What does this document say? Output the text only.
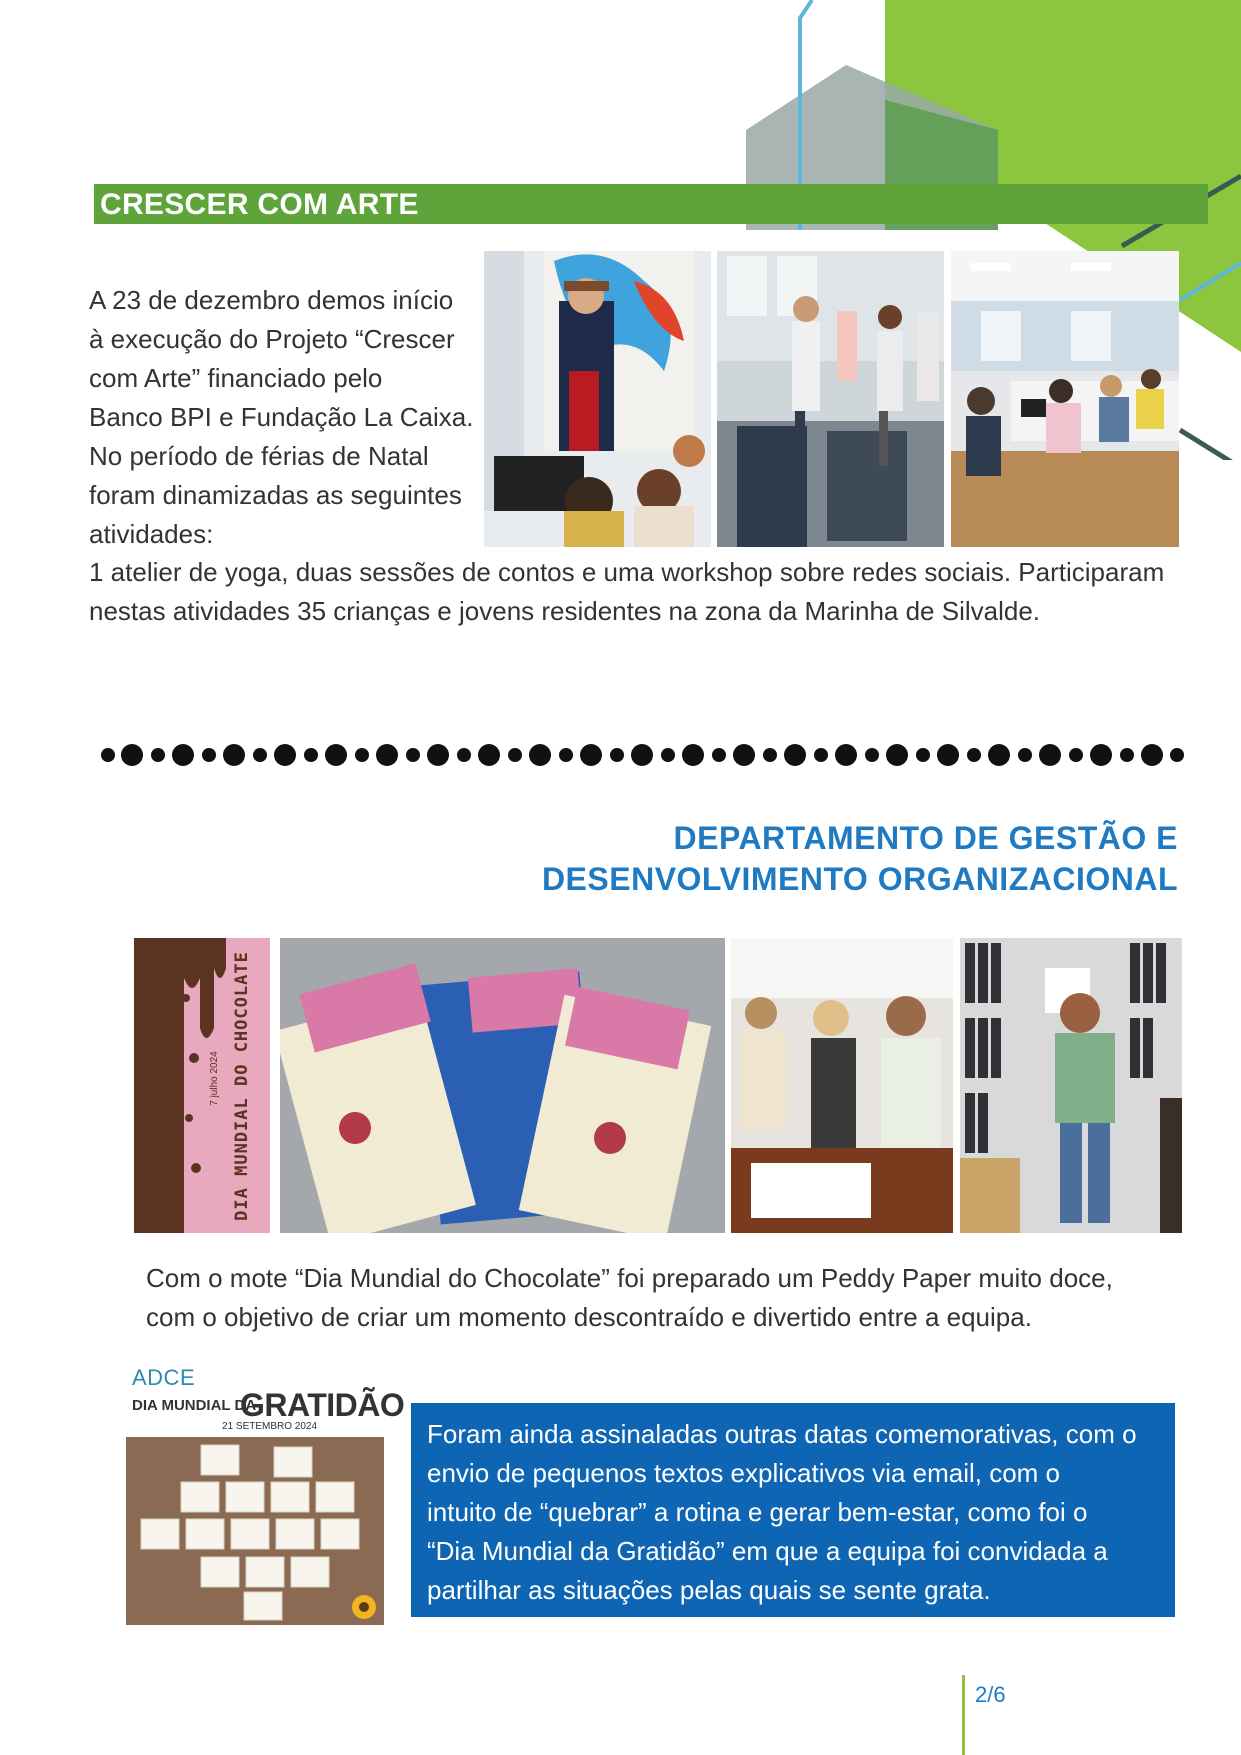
CRESCER COM ARTE
A 23 de dezembro demos início
à execução do Projeto “Crescer
com Arte” financiado pelo
Banco BPI e Fundação La Caixa.
No período de férias de Natal
foram dinamizadas as seguintes
atividades:
1 atelier de yoga, duas sessões de contos e uma workshop sobre redes sociais. Participaram
nestas atividades 35 crianças e jovens residentes na zona da Marinha de Silvalde.
DEPARTAMENTO DE GESTÃO E
DESENVOLVIMENTO ORGANIZACIONAL
DIA MUNDIAL DO CHOCOLATE
7 julho 2024
Com o mote “Dia Mundial do Chocolate” foi preparado um Peddy Paper muito doce,
com o objetivo de criar um momento descontraído e divertido entre a equipa.
ADCE
DIA MUNDIAL DA
GRATIDÃO
21 SETEMBRO 2024	Foram ainda assinaladas outras datas comemorativas, com o

envio de pequenos textos explicativos via email, com o

intuito de “quebrar” a rotina e gerar bem-estar, como foi o

“Dia Mundial da Gratidão” em que a equipa foi convidada a

partilhar as situações pelas quais se sente grata.

2/6
